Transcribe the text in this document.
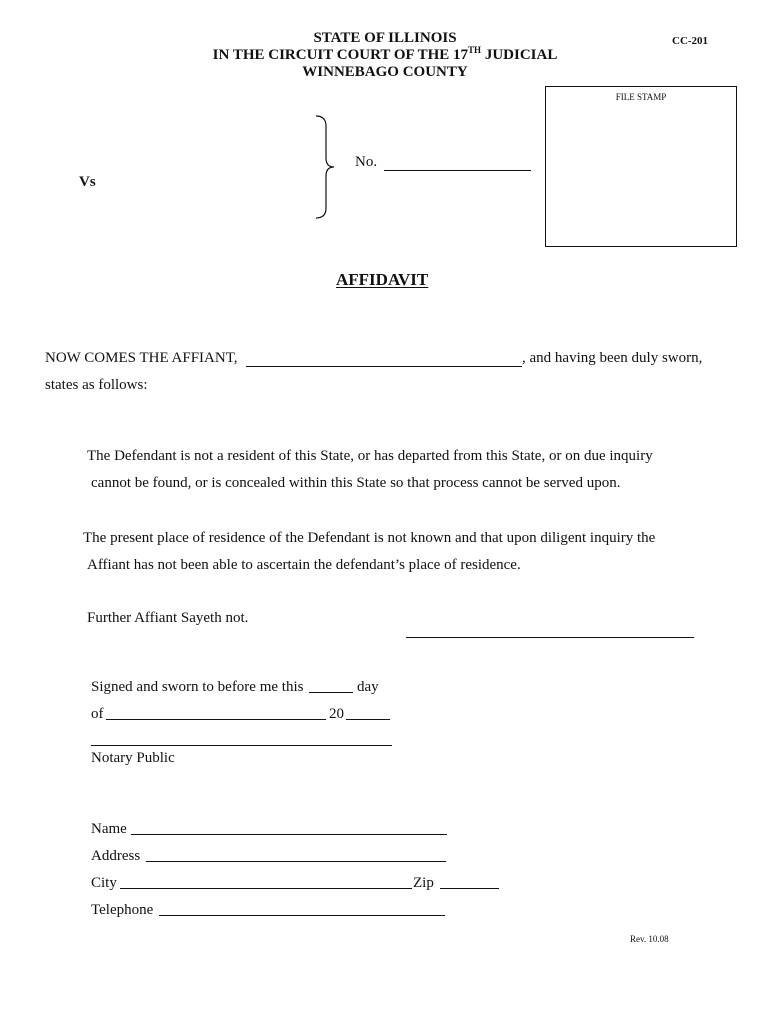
STATE OF ILLINOIS
IN THE CIRCUIT COURT OF THE 17TH JUDICIAL
WINNEBAGO COUNTY
CC-201
FILE STAMP
No.
Vs
AFFIDAVIT
NOW COMES THE AFFIANT,	, and having been duly sworn,
states as follows:
The Defendant is not a resident of this State, or has departed from this State, or on due inquiry
cannot be found, or is concealed within this State so that process cannot be served upon.
The present place of residence of the Defendant is not known and that upon diligent inquiry the
Affiant has not been able to ascertain the defendant’s place of residence.
Further Affiant Sayeth not.
Signed and sworn to before me this	day
of	20
Notary Public
Name
Address
City	Zip
Telephone
Rev. 10.08
